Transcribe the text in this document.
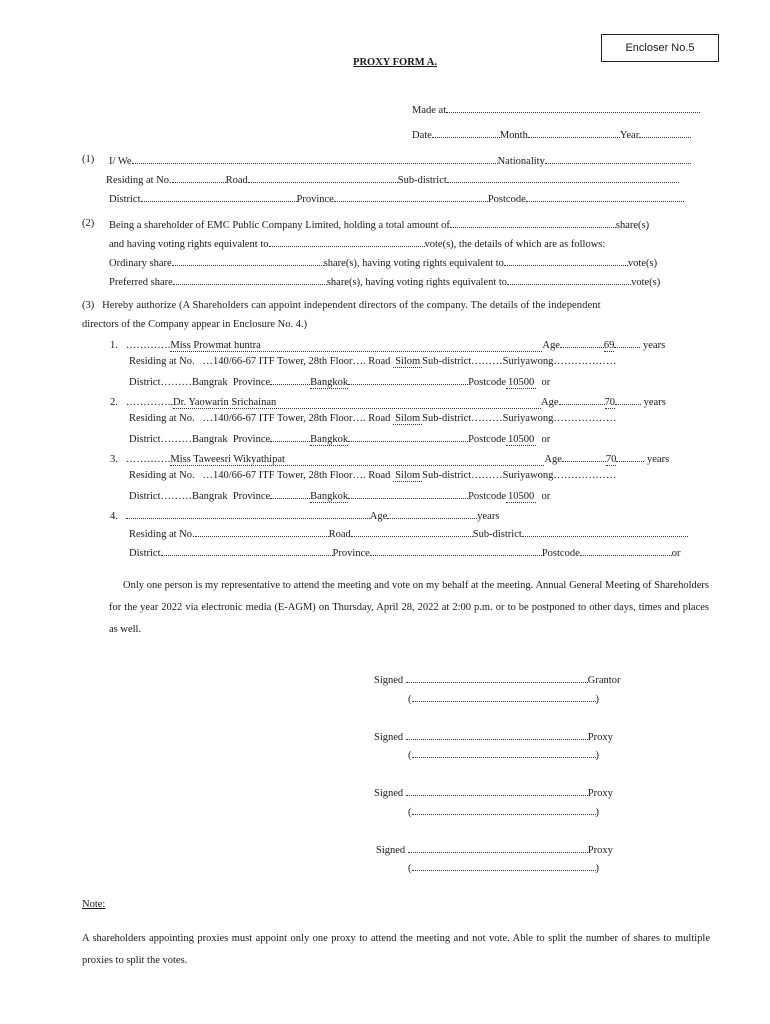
Encloser No.5
PROXY FORM A.
Made at
Date	Month	Year
(1) I/ We	Nationality
Residing at No.	Road	Sub-district
District	Province	Postcode
(2) Being a shareholder of EMC Public Company Limited, holding a total amount of	share(s)
and having voting rights equivalent to	vote(s), the details of which are as follows:
Ordinary share	share(s), having voting rights equivalent to	vote(s)
Preferred share	share(s), having voting rights equivalent to	vote(s)
(3) Hereby authorize (A Shareholders can appoint independent directors of the company. The details of the independent
directors of the Company appear in Enclosure No. 4.)
1. ………….Miss Prowmat huntra	Age	69	years
Residing at No. …140/66-67 ITF Tower, 28th Floor…. Road Silom Sub-district………Suriyawong………………
District………Bangrak Province	Bangkok	Postcode 10500 or
2. …………..Dr. Yaowarin Srichainan	Age	70	years
Residing at No. …140/66-67 ITF Tower, 28th Floor…. Road Silom Sub-district………Suriyawong………………
District………Bangrak Province	Bangkok	Postcode 10500 or
3. ………….Miss Taweesri Wikyathipat	Age	70	years
Residing at No. …140/66-67 ITF Tower, 28th Floor…. Road Silom Sub-district………Suriyawong………………
District………Bangrak Province	Bangkok	Postcode 10500 or
4.	Age	years
Residing at No.	Road	Sub-district
District	Province	Postcode	or
Only one person is my representative to attend the meeting and vote on my behalf at the meeting. Annual General Meeting of Shareholders for the year 2022 via electronic media (E-AGM) on Thursday, April 28, 2022 at 2:00 p.m. or to be postponed to other days, times and places as well.
Signed	Grantor
(	)
Signed	Proxy
(	)
Signed	Proxy
(	)
Signed	Proxy
(	)
Note:
A shareholders appointing proxies must appoint only one proxy to attend the meeting and not vote. Able to split the number of shares to multiple proxies to split the votes.
